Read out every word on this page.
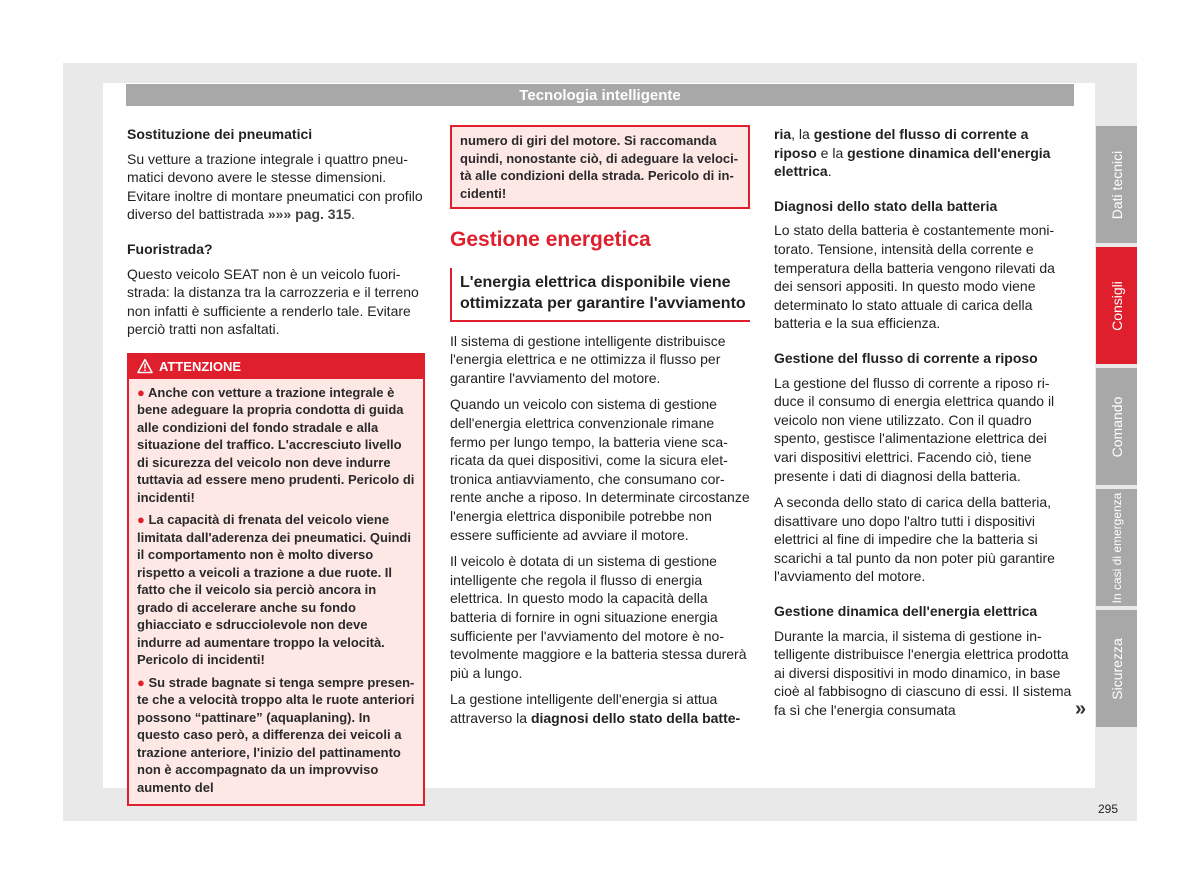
Tecnologia intelligente
Sostituzione dei pneumatici

Su vetture a trazione integrale i quattro pneumatici devono avere le stesse dimensioni. Evitare inoltre di montare pneumatici con profilo diverso del battistrada »»» pag. 315.

Fuoristrada?

Questo veicolo SEAT non è un veicolo fuoristrada: la distanza tra la carrozzeria e il terreno non infatti è sufficiente a renderlo tale. Evitare perciò tratti non asfaltati.

ATTENZIONE
● Anche con vetture a trazione integrale è bene adeguare la propria condotta di guida alle condizioni del fondo stradale e alla situazione del traffico. L'accresciuto livello di sicurezza del veicolo non deve indurre tuttavia ad essere meno prudenti. Pericolo di incidenti!
● La capacità di frenata del veicolo viene limitata dall'aderenza dei pneumatici. Quindi il comportamento non è molto diverso rispetto a veicoli a trazione a due ruote. Il fatto che il veicolo sia perciò ancora in grado di accelerare anche su fondo ghiacciato e sdrucciolevole non deve indurre ad aumentare troppo la velocità. Pericolo di incidenti!
● Su strade bagnate si tenga sempre presente che a velocità troppo alta le ruote anteriori possono “pattinare” (aquaplaning). In questo caso però, a differenza dei veicoli a trazione anteriore, l'inizio del pattinamento non è accompagnato da un improvviso aumento del
numero di giri del motore. Si raccomanda quindi, nonostante ciò, di adeguare la velocità alle condizioni della strada. Pericolo di incidenti!
Gestione energetica
L'energia elettrica disponibile viene ottimizzata per garantire l'avviamento

Il sistema di gestione intelligente distribuisce l'energia elettrica e ne ottimizza il flusso per garantire l'avviamento del motore.

Quando un veicolo con sistema di gestione dell'energia elettrica convenzionale rimane fermo per lungo tempo, la batteria viene scaricata da quei dispositivi, come la sicura elettronica antiavviamento, che consumano corrente anche a riposo. In determinate circostanze l'energia elettrica disponibile potrebbe non essere sufficiente ad avviare il motore.

Il veicolo è dotata di un sistema di gestione intelligente che regola il flusso di energia elettrica. In questo modo la capacità della batteria di fornire in ogni situazione energia sufficiente per l'avviamento del motore è notevolmente maggiore e la batteria stessa durerà più a lungo.

La gestione intelligente dell'energia si attua attraverso la diagnosi dello stato della batte-

ria, la gestione del flusso di corrente a riposo e la gestione dinamica dell'energia elettrica.

Diagnosi dello stato della batteria

Lo stato della batteria è costantemente monitorato. Tensione, intensità della corrente e temperatura della batteria vengono rilevati da dei sensori appositi. In questo modo viene determinato lo stato attuale di carica della batteria e la sua efficienza.

Gestione del flusso di corrente a riposo

La gestione del flusso di corrente a riposo riduce il consumo di energia elettrica quando il veicolo non viene utilizzato. Con il quadro spento, gestisce l'alimentazione elettrica dei vari dispositivi elettrici. Facendo ciò, tiene presente i dati di diagnosi della batteria.

A seconda dello stato di carica della batteria, disattivare uno dopo l'altro tutti i dispositivi elettrici al fine di impedire che la batteria si scarichi a tal punto da non poter più garantire l'avviamento del motore.

Gestione dinamica dell'energia elettrica

Durante la marcia, il sistema di gestione intelligente distribuisce l'energia elettrica prodotta ai diversi dispositivi in modo dinamico, in base cioè al fabbisogno di ciascuno di essi. Il sistema fa sì che l'energia consumata

Dati tecnici
Consigli
Comando
In casi di emergenza
Sicurezza
»
295
